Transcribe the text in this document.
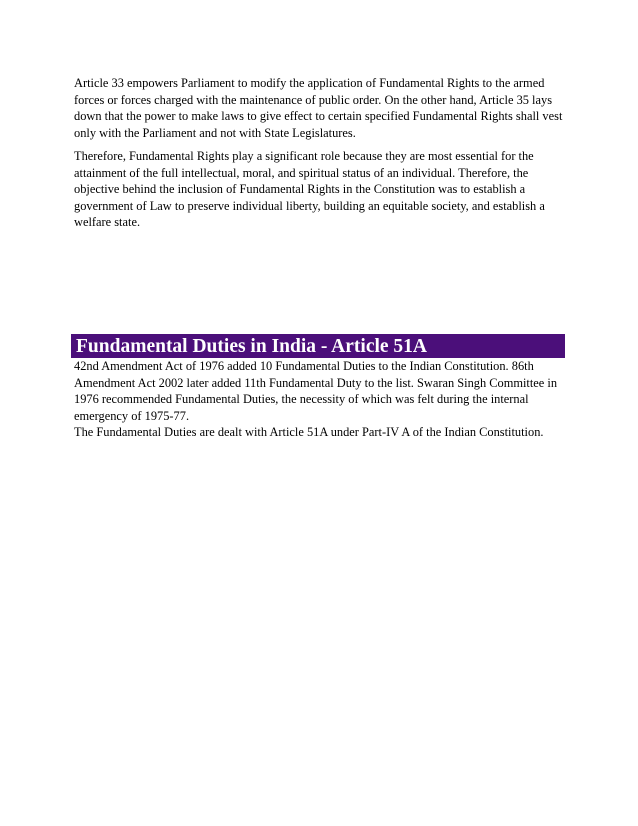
Article 33 empowers Parliament to modify the application of Fundamental Rights to the armed forces or forces charged with the maintenance of public order. On the other hand, Article 35 lays down that the power to make laws to give effect to certain specified Fundamental Rights shall vest only with the Parliament and not with State Legislatures.

Therefore, Fundamental Rights play a significant role because they are most essential for the attainment of the full intellectual, moral, and spiritual status of an individual. Therefore, the objective behind the inclusion of Fundamental Rights in the Constitution was to establish a government of Law to preserve individual liberty, building an equitable society, and establish a welfare state.

Fundamental Duties in India - Article 51A

42nd Amendment Act of 1976 added 10 Fundamental Duties to the Indian Constitution. 86th Amendment Act 2002 later added 11th Fundamental Duty to the list. Swaran Singh Committee in 1976 recommended Fundamental Duties, the necessity of which was felt during the internal emergency of 1975-77.

The Fundamental Duties are dealt with Article 51A under Part-IV A of the Indian Constitution.
